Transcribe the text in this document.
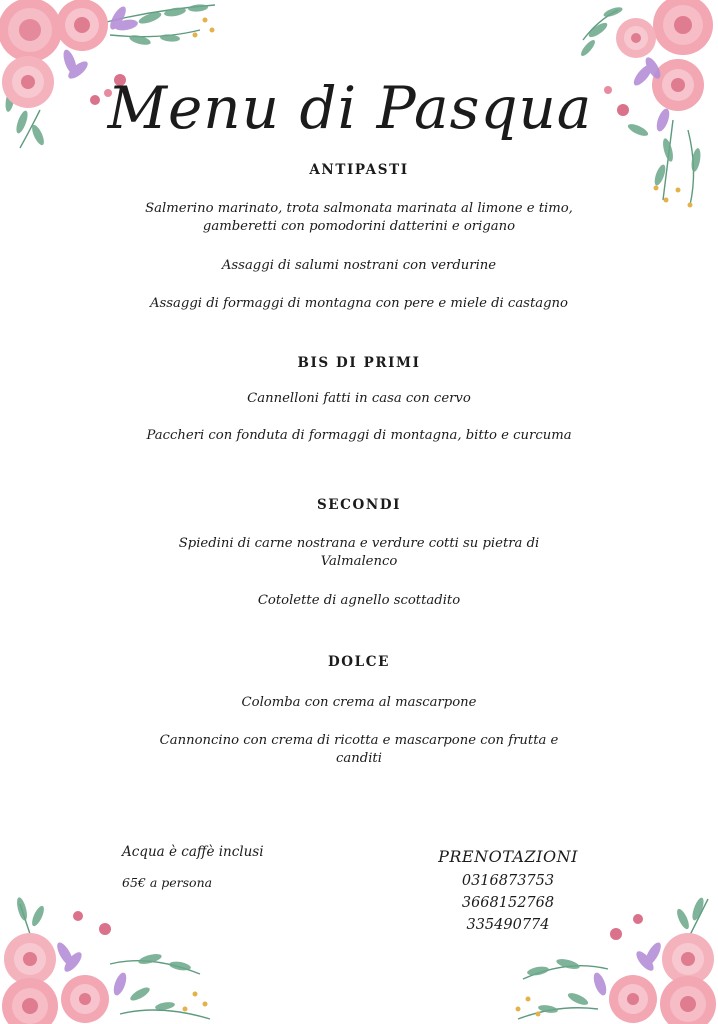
Menu di Pasqua
ANTIPASTI
Salmerino marinato, trota salmonata marinata al limone e timo, gamberetti con pomodorini datterini e origano
Assaggi di salumi nostrani con verdurine
Assaggi di formaggi di montagna con pere e miele di castagno
BIS DI PRIMI
Cannelloni fatti in casa con cervo
Paccheri con fonduta di formaggi di montagna, bitto e curcuma
SECONDI
Spiedini di carne nostrana e verdure cotti su pietra di Valmalenco
Cotolette di agnello scottadito
DOLCE
Colomba con crema al mascarpone
Cannoncino con crema di ricotta e mascarpone con frutta e canditi
Acqua è caffè inclusi
65€ a persona
PRENOTAZIONI
0316873753
3668152768
335490774
